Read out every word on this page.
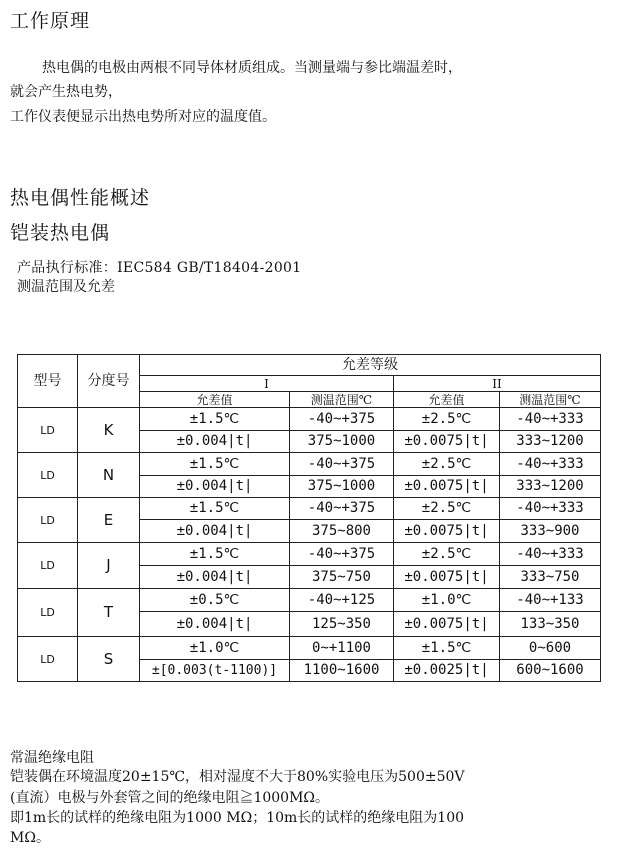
工作原理
热电偶的电极由两根不同导体材质组成。当测量端与参比端温差时，
就会产生热电势，
工作仪表便显示出热电势所对应的温度值。
热电偶性能概述
铠装热电偶
产品执行标准：IEC584 GB/T18404-2001
测温范围及允差
型号	分度号	允差等级			
		I		II	
		允差值	测温范围℃	允差值	测温范围℃
LD	K	±1.5℃	-40~+375	±2.5℃	-40~+333
		±0.004|t|	375~1000	±0.0075|t|	333~1200
LD	N	±1.5℃	-40~+375	±2.5℃	-40~+333
		±0.004|t|	375~1000	±0.0075|t|	333~1200
LD	E	±1.5℃	-40~+375	±2.5℃	-40~+333
		±0.004|t|	375~800	±0.0075|t|	333~900
LD	J	±1.5℃	-40~+375	±2.5℃	-40~+333
		±0.004|t|	375~750	±0.0075|t|	333~750
LD	T	±0.5℃	-40~+125	±1.0℃	-40~+133
		±0.004|t|	125~350	±0.0075|t|	133~350
LD	S	±1.0℃	0~+1100	±1.5℃	0~600
		±[0.003(t-1100)]	1100~1600	±0.0025|t|	600~1600
常温绝缘电阻
铠装偶在环境温度20±15℃，相对湿度不大于80%实验电压为500±50V
(直流）电极与外套管之间的绝缘电阻≧1000MΩ。
即1m长的试样的绝缘电阻为1000 MΩ；10m长的试样的绝缘电阻为100
MΩ。
